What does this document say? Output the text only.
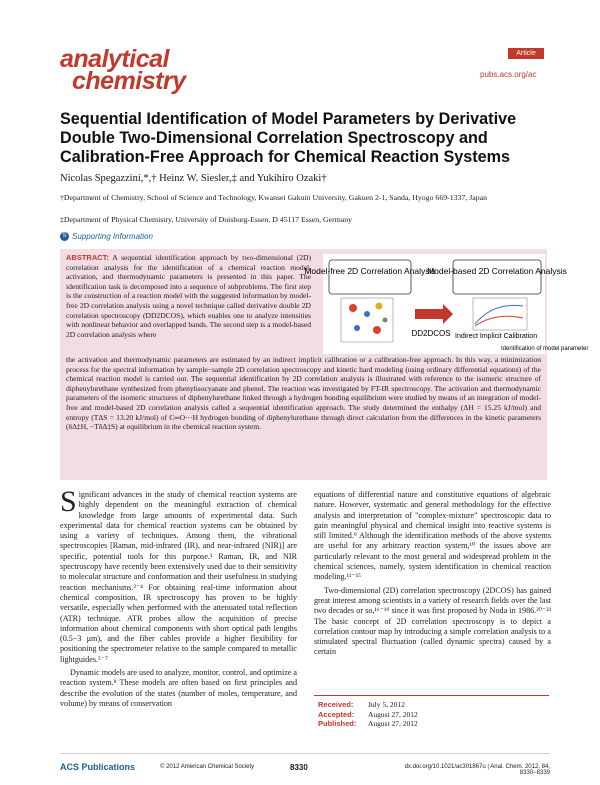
analytical
chemistry
Article
pubs.acs.org/ac
Sequential Identification of Model Parameters by Derivative Double Two-Dimensional Correlation Spectroscopy and Calibration-Free Approach for Chemical Reaction Systems
Nicolas Spegazzini,*,† Heinz W. Siesler,‡ and Yukihiro Ozaki†
†Department of Chemistry, School of Science and Technology, Kwansei Gakuin University, Gakuen 2-1, Sanda, Hyogo 669-1337, Japan
‡Department of Physical Chemistry, University of Duisburg-Essen, D 45117 Essen, Germany
S Supporting Information
ABSTRACT: A sequential identification approach by two-dimensional (2D) correlation analysis for the identification of a chemical reaction model, activation, and thermodynamic parameters is presented in this paper. The identification task is decomposed into a sequence of subproblems. The first step is the construction of a reaction model with the suggested information by model-free 2D correlation analysis using a novel technique called derivative double 2D correlation spectroscopy (DD2DCOS), which enables one to analyze intensities with nonlinear behavior and overlapped bands. The second step is a model-based 2D correlation analysis where
the activation and thermodynamic parameters are estimated by an indirect implicit calibration or a calibration-free approach. In this way, a minimization process for the spectral information by sample−sample 2D correlation spectroscopy and kinetic hard modeling (using ordinary differential equations) of the chemical reaction model is carried out. The sequential identification by 2D correlation analysis is illustrated with reference to the isomeric structure of diphenylurethane synthesized from phenylisocyanate and phenol. The reaction was investigated by FT-IR spectroscopy. The activation and thermodynamic parameters of the isomeric structures of diphenylurethane linked through a hydrogen bonding equilibrium were studied by means of an integration of model-free and model-based 2D correlation analysis called a sequential identification approach. The study determined the enthalpy (ΔH = 15.25 kJ/mol) and entropy (TΔS = 13.20 kJ/mol) of C═O···H hydrogen bonding of diphenylurethane through direct calculation from the differences in the kinetic parameters (δΔ‡H, −TδΔ‡S) at equilibrium in the chemical reaction system.
Model-free 2D Correlation Analysis
Model-based 2D Correlation Analysis
DD2DCOS Indirect Implicit Calibration
Identification of model parameter

Significant advances in the study of chemical reaction systems are highly dependent on the meaningful extraction of chemical knowledge from large amounts of experimental data. Such experimental data for chemical reaction systems can be obtained by using a variety of techniques. Among them, the vibrational spectroscopies [Raman, mid-infrared (IR), and near-infrared (NIR)] are specific, potential tools for this purpose.¹ Raman, IR, and NIR spectroscopy have recently been extensively used due to their sensitivity to molecular structure and conformation and their usefulness in studying reaction mechanisms.²⁻⁴ For obtaining real-time information about chemical composition, IR spectroscopy has proven to be highly versatile, especially when performed with the attenuated total reflection (ATR) technique. ATR probes allow the acquisition of precise information about chemical components with short optical path lengths (0.5−3 μm), and the fiber cables provide a higher flexibility for positioning the spectrometer relative to the sample compared to metallic lightguides.⁵⁻⁷

Dynamic models are used to analyze, monitor, control, and optimize a reaction system.⁸ These models are often based on first principles and describe the evolution of the states (number of moles, temperature, and volume) by means of conservation

equations of differential nature and constitutive equations of algebraic nature. However, systematic and general methodology for the effective analysis and interpretation of "complex-mixture" spectroscopic data to gain meaningful physical and chemical insight into reactive systems is still limited.⁹ Although the identification methods of the above systems are useful for any arbitrary reaction system,¹⁰ the issues above are particularly relevant to the most general and widespread problem in the chemical sciences, namely, system identification in chemical reaction modeling.¹¹⁻¹⁵

Two-dimensional (2D) correlation spectroscopy (2DCOS) has gained great interest among scientists in a variety of research fields over the last two decades or so,¹⁶⁻¹⁹ since it was first proposed by Noda in 1986.²⁰⁻²³ The basic concept of 2D correlation spectroscopy is to depict a correlation contour map by introducing a simple correlation analysis to a stimulated spectral fluctuation (called dynamic spectra) caused by a certain

Received: July 5, 2012
Accepted: August 27, 2012
Published: August 27, 2012
ACS Publications	© 2012 American Chemical Society	8330	dx.doi.org/10.1021/ac301867u | Anal. Chem. 2012, 84, 8330−8339
